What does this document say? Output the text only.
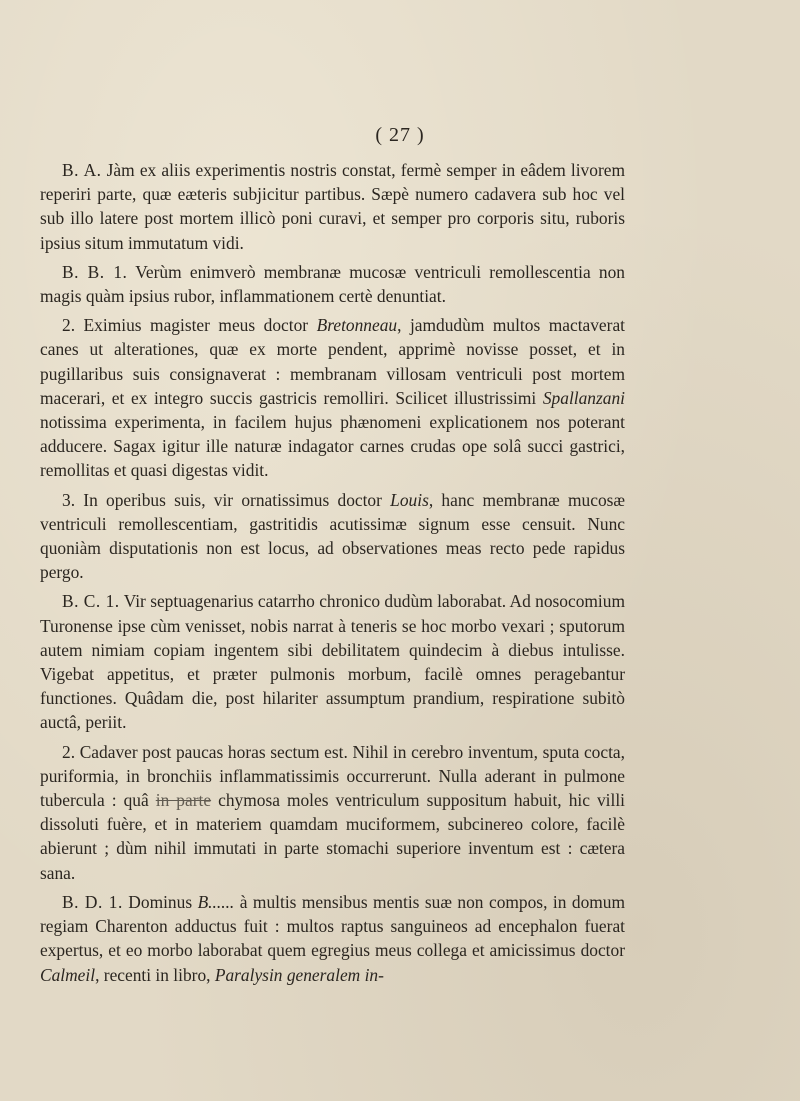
( 27 )

B. A. Jàm ex aliis experimentis nostris constat, fermè semper in eâdem livorem reperiri parte, quæ eæteris subjicitur partibus. Sæpè numero cadavera sub hoc vel sub illo latere post mortem illicò poni curavi, et semper pro corporis situ, ruboris ipsius situm immutatum vidi.

B. B. 1. Verùm enimverò membranæ mucosæ ventriculi remollescentia non magis quàm ipsius rubor, inflammationem certè denuntiat.

2. Eximius magister meus doctor Bretonneau, jamdudùm multos mactaverat canes ut alterationes, quæ ex morte pendent, apprimè novisse posset, et in pugillaribus suis consignaverat : membranam villosam ventriculi post mortem macerari, et ex integro succis gastricis remolliri. Scilicet illustrissimi Spallanzani notissima experimenta, in facilem hujus phænomeni explicationem nos poterant adducere. Sagax igitur ille naturæ indagator carnes crudas ope solâ succi gastrici, remollitas et quasi digestas vidit.

3. In operibus suis, vir ornatissimus doctor Louis, hanc membranæ mucosæ ventriculi remollescentiam, gastritidis acutissimæ signum esse censuit. Nunc quoniàm disputationis non est locus, ad observationes meas recto pede rapidus pergo.

B. C. 1. Vir septuagenarius catarrho chronico dudùm laborabat. Ad nosocomium Turonense ipse cùm venisset, nobis narrat à teneris se hoc morbo vexari ; sputorum autem nimiam copiam ingentem sibi debilitatem quindecim à diebus intulisse. Vigebat appetitus, et præter pulmonis morbum, facilè omnes peragebantur functiones. Quâdam die, post hilariter assumptum prandium, respiratione subitò auctâ, periit.

2. Cadaver post paucas horas sectum est. Nihil in cerebro inventum, sputa cocta, puriformia, in bronchiis inflammatissimis occurrerunt. Nulla aderant in pulmone tubercula : quâ in parte chymosa moles ventriculum suppositum habuit, hic villi dissoluti fuère, et in materiem quamdam muciformem, subcinereo colore, facilè abierunt ; dùm nihil immutati in parte stomachi superiore inventum est : cætera sana.

B. D. 1. Dominus B...... à multis mensibus mentis suæ non compos, in domum regiam Charenton adductus fuit : multos raptus sanguineos ad encephalon fuerat expertus, et eo morbo laborabat quem egregius meus collega et amicissimus doctor Calmeil, recenti in libro, Paralysin generalem in-
